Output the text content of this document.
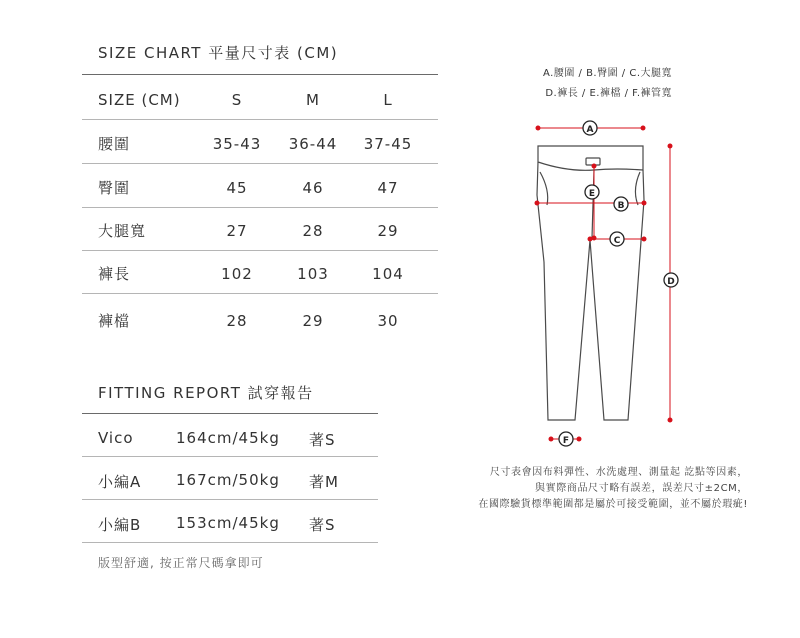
SIZE CHART 平量尺寸表 (CM)
SIZE (CM)	S	M	L
腰圍	35-43 36-44 37-45
臀圍	45	46	47
大腿寬	27	28	29
褲長	102	103	104
褲檔	28	29	30
FITTING REPORT 試穿報告
Vico	164cm/45kg 著S
小編A 167cm/50kg 著M
小編B 153cm/45kg 著S
版型舒適, 按正常尺碼拿即可
A.腰圍 / B.臀圍 / C.大腿寬
D.褲長 / E.褲檔 / F.褲管寬
A
B
C
D
E
F
尺寸表會因布料彈性、水洗處理、測量起 訖點等因素，
與實際商品尺寸略有誤差，誤差尺寸±2CM，
在國際驗貨標準範圍都是屬於可接受範圍，並不屬於瑕疵!
